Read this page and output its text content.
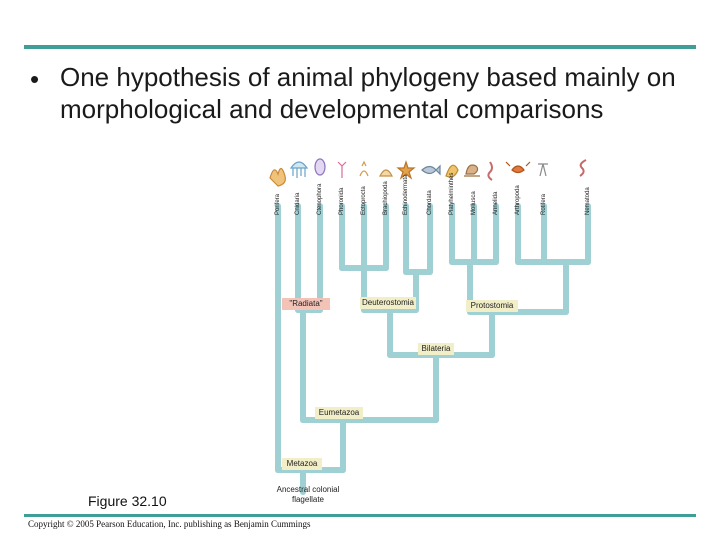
• One hypothesis of animal phylogeny based mainly on morphological and developmental comparisons
Porifera	Cnidaria	Ctenophora	Phoronida	Ectoprocta	Brachiopoda	Echinodermata	Chordata	Platyhelminthes	Mollusca	Annelida	Arthropoda	Rotifera	Nematoda
"Radiata"	Deuterostomia	Protostomia
Bilateria
Eumetazoa
Metazoa
Ancestral colonial flagellate
Figure 32.10
Copyright © 2005 Pearson Education, Inc. publishing as Benjamin Cummings
